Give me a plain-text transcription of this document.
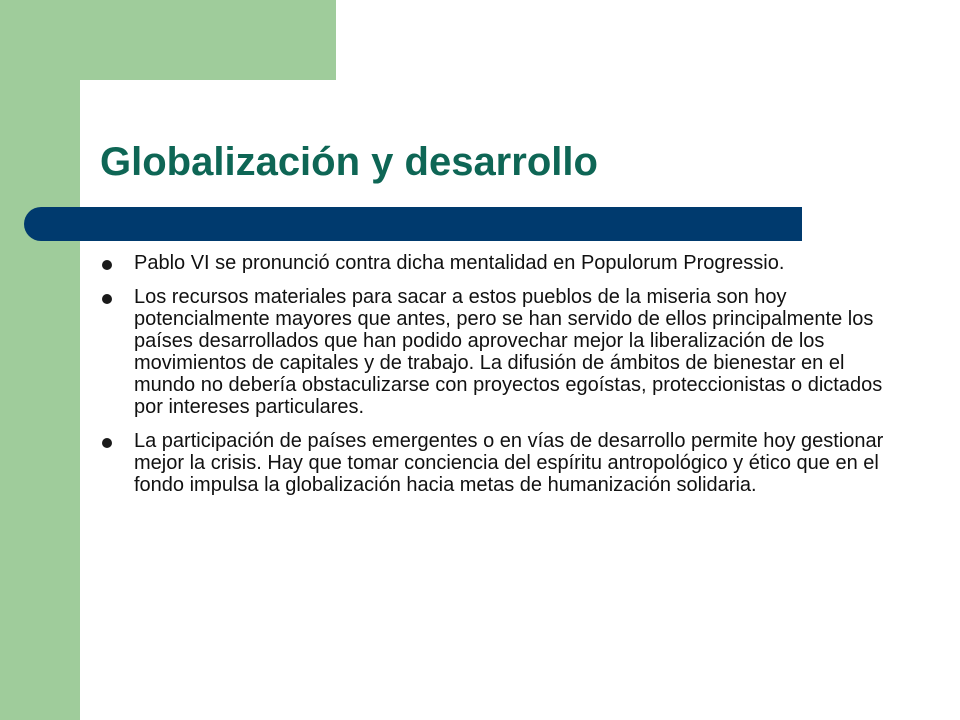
Globalización y desarrollo
Pablo VI se pronunció contra dicha mentalidad en Populorum Progressio.
Los recursos materiales para sacar a estos pueblos de la miseria son hoy potencialmente mayores que antes, pero se han servido de ellos principalmente los países desarrollados que han podido aprovechar mejor la liberalización de los movimientos de capitales y de trabajo. La difusión de ámbitos de bienestar en el mundo no debería obstaculizarse con proyectos egoístas, proteccionistas o dictados por intereses particulares.
La participación de países emergentes o en vías de desarrollo permite hoy gestionar mejor la crisis. Hay que tomar conciencia del espíritu antropológico y ético que en el fondo impulsa la globalización hacia metas de humanización solidaria.
